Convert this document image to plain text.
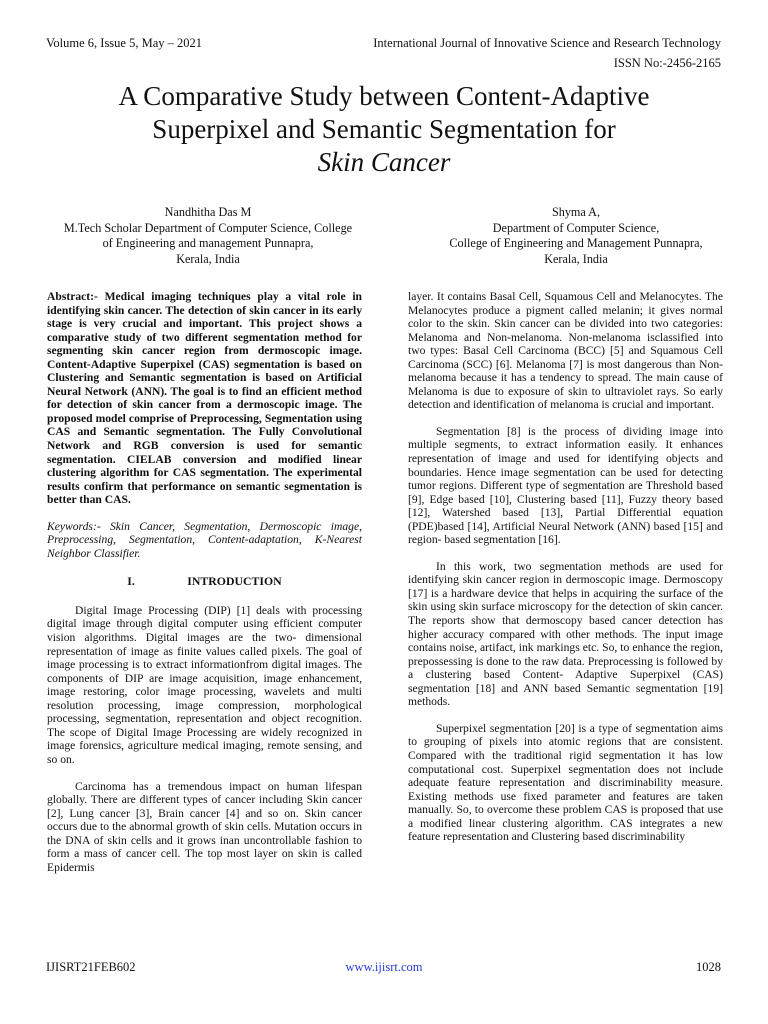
Volume 6, Issue 5, May – 2021	International Journal of Innovative Science and Research Technology
ISSN No:-2456-2165
A Comparative Study between Content-Adaptive
Superpixel and Semantic Segmentation for
Skin Cancer
Nandhitha Das M
M.Tech Scholar Department of Computer Science, College
of Engineering and management Punnapra,
Kerala, India
Shyma A,
Department of Computer Science,
College of Engineering and Management Punnapra,
Kerala, India

Abstract:- Medical imaging techniques play a vital role in identifying skin cancer. The detection of skin cancer in its early stage is very crucial and important. This project shows a comparative study of two different segmentation method for segmenting skin cancer region from dermoscopic image. Content-Adaptive Superpixel (CAS) segmentation is based on Clustering and Semantic segmentation is based on Artificial Neural Network (ANN). The goal is to find an efficient method for detection of skin cancer from a dermoscopic image. The proposed model comprise of Preprocessing, Segmentation using CAS and Semantic segmentation. The Fully Convolutional Network and RGB conversion is used for semantic segmentation. CIELAB conversion and modified linear clustering algorithm for CAS segmentation. The experimental results confirm that performance on semantic segmentation is better than CAS.

Keywords:- Skin Cancer, Segmentation, Dermoscopic image, Preprocessing, Segmentation, Content-adaptation, K-Nearest Neighbor Classifier.

I.	INTRODUCTION

Digital Image Processing (DIP) [1] deals with processing digital image through digital computer using efficient computer vision algorithms. Digital images are the two- dimensional representation of image as finite values called pixels. The goal of image processing is to extract informationfrom digital images. The components of DIP are image acquisition, image enhancement, image restoring, color image processing, wavelets and multi resolution processing, image compression, morphological processing, segmentation, representation and object recognition. The scope of Digital Image Processing are widely recognized in image forensics, agriculture medical imaging, remote sensing, and so on.

Carcinoma has a tremendous impact on human lifespan globally. There are different types of cancer including Skin cancer [2], Lung cancer [3], Brain cancer [4] and so on. Skin cancer occurs due to the abnormal growth of skin cells. Mutation occurs in the DNA of skin cells and it grows inan uncontrollable fashion to form a mass of cancer cell. The top most layer on skin is called Epidermis

layer. It contains Basal Cell, Squamous Cell and Melanocytes. The Melanocytes produce a pigment called melanin; it gives normal color to the skin. Skin cancer can be divided into two categories: Melanoma and Non-melanoma. Non-melanoma isclassified into two types: Basal Cell Carcinoma (BCC) [5] and Squamous Cell Carcinoma (SCC) [6]. Melanoma [7] is most dangerous than Non-melanoma because it has a tendency to spread. The main cause of Melanoma is due to exposure of skin to ultraviolet rays. So early detection and identification of melanoma is crucial and important.

Segmentation [8] is the process of dividing image into multiple segments, to extract information easily. It enhances representation of image and used for identifying objects and boundaries. Hence image segmentation can be used for detecting tumor regions. Different type of segmentation are Threshold based [9], Edge based [10], Clustering based [11], Fuzzy theory based [12], Watershed based [13], Partial Differential equation (PDE)based [14], Artificial Neural Network (ANN) based [15] and region- based segmentation [16].

In this work, two segmentation methods are used for identifying skin cancer region in dermoscopic image. Dermoscopy [17] is a hardware device that helps in acquiring the surface of the skin using skin surface microscopy for the detection of skin cancer. The reports show that dermoscopy based cancer detection has higher accuracy compared with other methods. The input image contains noise, artifact, ink markings etc. So, to enhance the region, prepossessing is done to the raw data. Preprocessing is followed by a clustering based Content- Adaptive Superpixel (CAS) segmentation [18] and ANN based Semantic segmentation [19] methods.

Superpixel segmentation [20] is a type of segmentation aims to grouping of pixels into atomic regions that are consistent. Compared with the traditional rigid segmentation it has low computational cost. Superpixel segmentation does not include adequate feature representation and discriminability measure. Existing methods use fixed parameter and features are taken manually. So, to overcome these problem CAS is proposed that use a modified linear clustering algorithm. CAS integrates a new feature representation and Clustering based discriminability

IJISRT21FEB602	www.ijisrt.com	1028
